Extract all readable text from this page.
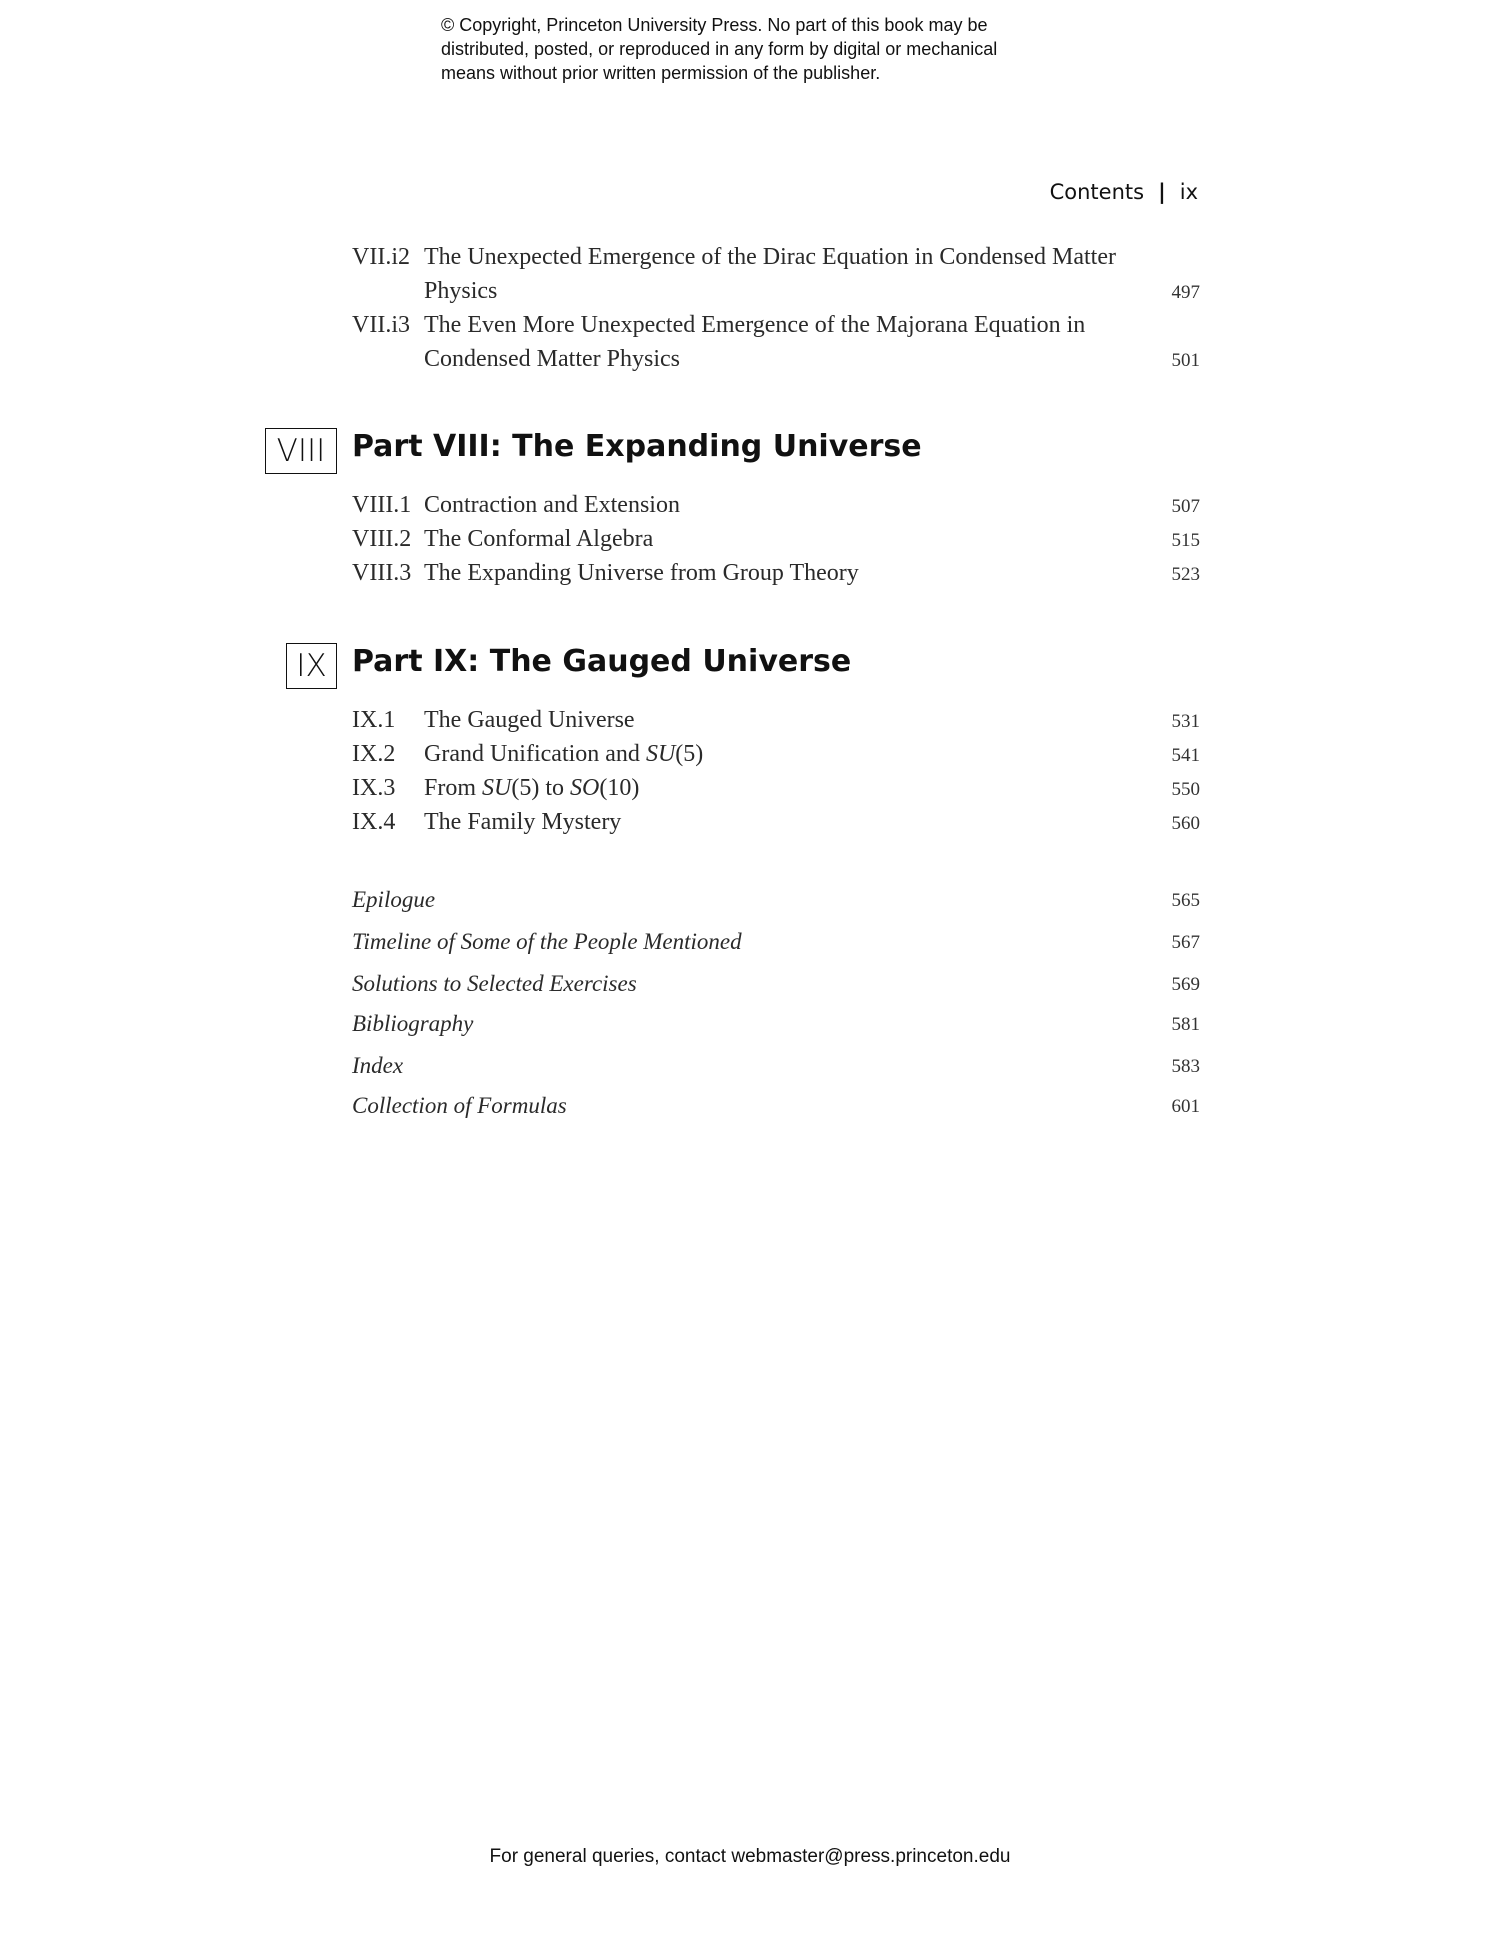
© Copyright, Princeton University Press. No part of this book may be
distributed, posted, or reproduced in any form by digital or mechanical
means without prior written permission of the publisher.
Contents | ix
VII.i2 The Unexpected Emergence of the Dirac Equation in Condensed Matter Physics	497
VII.i3 The Even More Unexpected Emergence of the Majorana Equation in Condensed Matter Physics	501
VIII Part VIII: The Expanding Universe
VIII.1 Contraction and Extension	507
VIII.2 The Conformal Algebra	515
VIII.3 The Expanding Universe from Group Theory	523
IX Part IX: The Gauged Universe
IX.1 The Gauged Universe	531
IX.2 Grand Unification and SU(5)	541
IX.3 From SU(5) to SO(10)	550
IX.4 The Family Mystery	560
Epilogue	565
Timeline of Some of the People Mentioned	567
Solutions to Selected Exercises	569
Bibliography	581
Index	583
Collection of Formulas	601
For general queries, contact webmaster@press.princeton.edu
